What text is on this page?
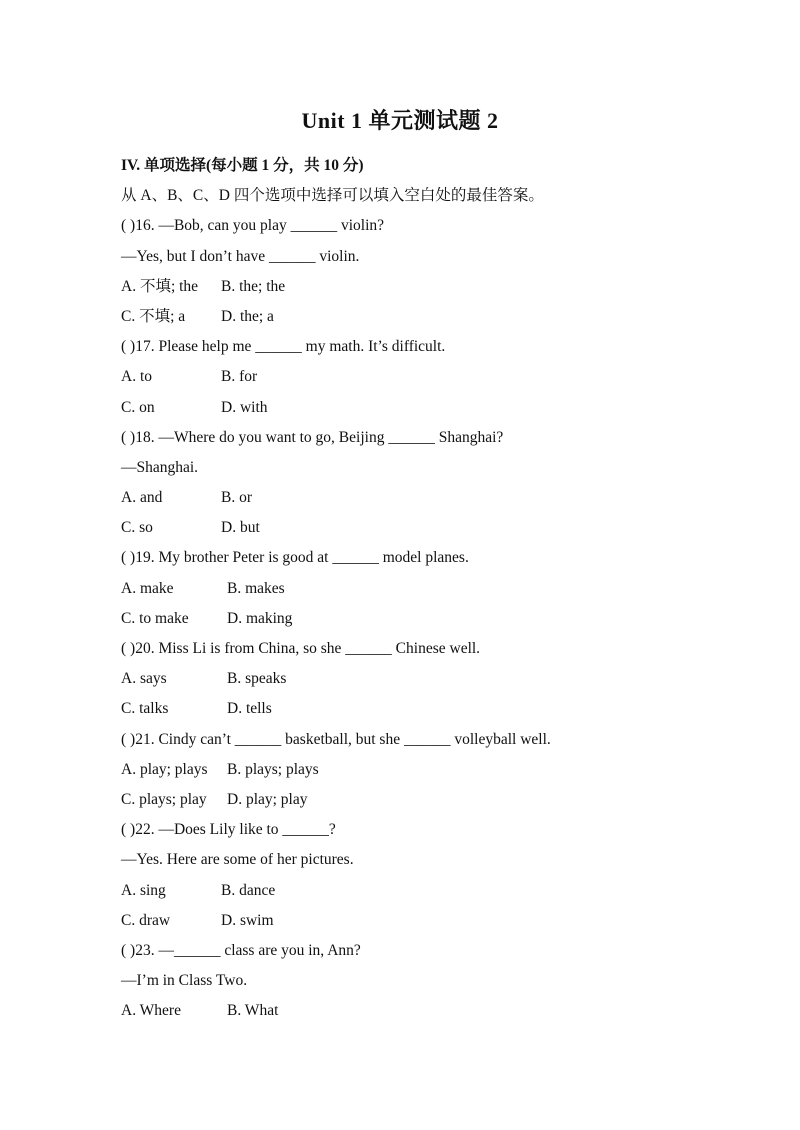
Unit 1 单元测试题 2
IV. 单项选择(每小题 1 分，共 10 分)
从 A、B、C、D 四个选项中选择可以填入空白处的最佳答案。
( )16. —Bob, can you play ______ violin?
—Yes, but I don’t have ______ violin.
A. 不填; the B. the; the
C. 不填; a D. the; a
( )17. Please help me ______ my math. It’s difficult.
A. to	B. for
C. on	D. with
( )18. —Where do you want to go, Beijing ______ Shanghai?
—Shanghai.
A. and	B. or
C. so	D. but
( )19. My brother Peter is good at ______ model planes.
A. make	B. makes
C. to make D. making
( )20. Miss Li is from China, so she ______ Chinese well.
A. says	B. speaks
C. talks	D. tells
( )21. Cindy can’t ______ basketball, but she ______ volleyball well.
A. play; plays B. plays; plays
C. plays; play D. play; play
( )22. —Does Lily like to ______?
—Yes. Here are some of her pictures.
A. sing	B. dance
C. draw	D. swim
( )23. —______ class are you in, Ann?
—I’m in Class Two.
A. Where	B. What
